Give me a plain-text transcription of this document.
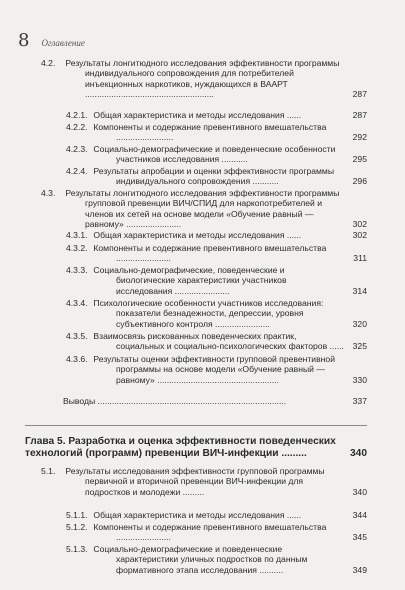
8 Оглавление
4.2. Результаты лонгитюдного исследования эффективности программы индивидуального сопровождения для потребителей инъекционных наркотиков, нуждающихся в ВААРТ ......................................................	287
4.2.1. Общая характеристика и методы исследования ......	287
4.2.2. Компоненты и содержание превентивного вмешательства ........................	292
4.2.3. Социально-демографические и поведенческие особенности участников исследования ...........	295
4.2.4. Результаты апробации и оценки эффективности программы индивидуального сопровождения ...........	296
4.3. Результаты лонгитюдного исследования эффективности программы групповой превенции ВИЧ/СПИД для наркопотребителей и членов их сетей на основе модели «Обучение равный — равному» .......................	302
4.3.1. Общая характеристика и методы исследования ......	302
4.3.2. Компоненты и содержание превентивного вмешательства .......................	311
4.3.3. Социально-демографические, поведенческие и биологические характеристики участников исследования .......................	314
4.3.4. Психологические особенности участников исследования: показатели безнадежности, депрессии, уровня субъективного контроля .......................	320
4.3.5. Взаимосвязь рискованных поведенческих практик, социальных и социально-психологических факторов ......	325
4.3.6. Результаты оценки эффективности групповой превентивной программы на основе модели «Обучение равный — равному» ...................................................	330
Выводы ...............................................................................	337
Глава 5. Разработка и оценка эффективности поведенческих технологий (программ) превенции ВИЧ-инфекции .........	340
5.1. Результаты исследования эффективности групповой программы первичной и вторичной превенции ВИЧ-инфекции для подростков и молодежи .........	340
5.1.1. Общая характеристика и методы исследования ......	344
5.1.2. Компоненты и содержание превентивного вмешательства .......................	345
5.1.3. Социально-демографические и поведенческие характеристики уличных подростков по данным формативного этапа исследования ..........	349
